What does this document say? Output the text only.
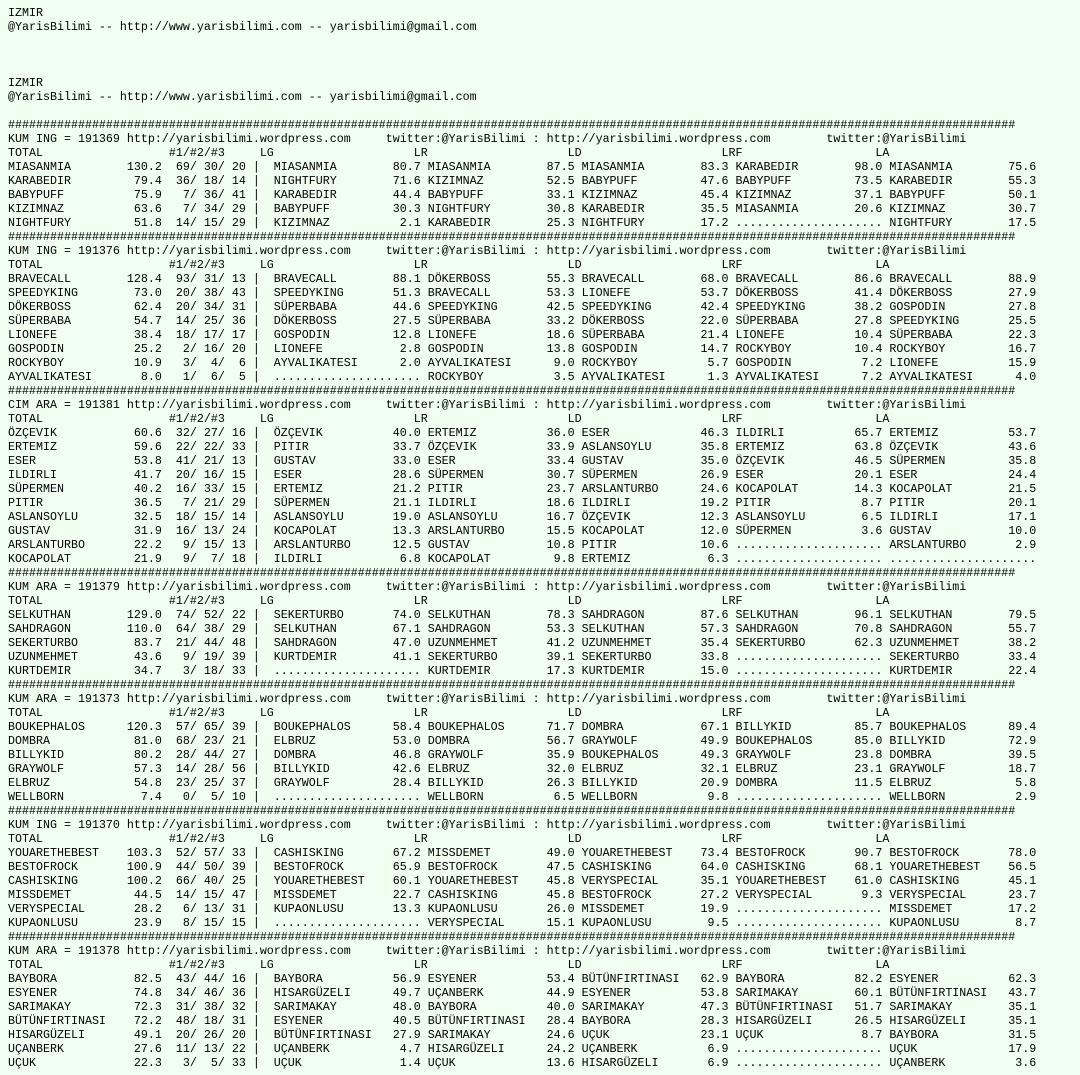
IZMIR
@YarisBilimi -- http://www.yarisbilimi.com -- yarisbilimi@gmail.com

IZMIR
@YarisBilimi -- http://www.yarisbilimi.com -- yarisbilimi@gmail.com

################################################################################################################################################
KUM ING = 191369 http://yarisbilimi.wordpress.com     twitter:@YarisBilimi : http://yarisbilimi.wordpress.com        twitter:@YarisBilimi
TOTAL                  #1/#2/#3     LG                    LR                    LD                    LRF                   LA
MIASANMIA        130.2  69/ 30/ 20 |  MIASANMIA        80.7 MIASANMIA        87.5 MIASANMIA        83.3 KARABEDIR        98.0 MIASANMIA        75.6
KARABEDIR         79.4  36/ 18/ 14 |  NIGHTFURY        71.6 KIZIMNAZ         52.5 BABYPUFF         47.6 BABYPUFF         73.5 KARABEDIR        55.3
BABYPUFF          75.9   7/ 36/ 41 |  KARABEDIR        44.4 BABYPUFF         33.1 KIZIMNAZ         45.4 KIZIMNAZ         37.1 BABYPUFF         50.1
KIZIMNAZ          63.6   7/ 34/ 29 |  BABYPUFF         30.3 NIGHTFURY        30.8 KARABEDIR        35.5 MIASANMIA        20.6 KIZIMNAZ         30.7
NIGHTFURY         51.8  14/ 15/ 29 |  KIZIMNAZ          2.1 KARABEDIR        25.3 NIGHTFURY        17.2 ..................... NIGHTFURY        17.5
################################################################################################################################################
KUM ING = 191376 http://yarisbilimi.wordpress.com     twitter:@YarisBilimi : http://yarisbilimi.wordpress.com        twitter:@YarisBilimi
TOTAL                  #1/#2/#3     LG                    LR                    LD                    LRF                   LA
BRAVECALL        128.4  93/ 31/ 13 |  BRAVECALL        88.1 DÖKERBOSS        55.3 BRAVECALL        68.0 BRAVECALL        86.6 BRAVECALL        88.9
SPEEDYKING        73.0  20/ 38/ 43 |  SPEEDYKING       51.3 BRAVECALL        53.3 LIONEFE          53.7 DÖKERBOSS        41.4 DÖKERBOSS        27.9
DÖKERBOSS         62.4  20/ 34/ 31 |  SÜPERBABA        44.6 SPEEDYKING       42.5 SPEEDYKING       42.4 SPEEDYKING       38.2 GOSPODIN         27.8
SÜPERBABA         54.7  14/ 25/ 36 |  DÖKERBOSS        27.5 SÜPERBABA        33.2 DÖKERBOSS        22.0 SÜPERBABA        27.8 SPEEDYKING       25.5
LIONEFE           38.4  18/ 17/ 17 |  GOSPODIN         12.8 LIONEFE          18.6 SÜPERBABA        21.4 LIONEFE          10.4 SÜPERBABA        22.3
GOSPODIN          25.2   2/ 16/ 20 |  LIONEFE           2.8 GOSPODIN         13.8 GOSPODIN         14.7 ROCKYBOY         10.4 ROCKYBOY         16.7
ROCKYBOY          10.9   3/  4/  6 |  AYVALIKATESI      2.0 AYVALIKATESI      9.0 ROCKYBOY          5.7 GOSPODIN          7.2 LIONEFE          15.9
AYVALIKATESI       8.0   1/  6/  5 |  ..................... ROCKYBOY          3.5 AYVALIKATESI      1.3 AYVALIKATESI      7.2 AYVALIKATESI      4.0
################################################################################################################################################
CIM ARA = 191381 http://yarisbilimi.wordpress.com     twitter:@YarisBilimi : http://yarisbilimi.wordpress.com        twitter:@YarisBilimi
TOTAL                  #1/#2/#3     LG                    LR                    LD                    LRF                   LA
ÖZÇEVIK           60.6  32/ 27/ 16 |  ÖZÇEVIK          40.0 ERTEMIZ          36.0 ESER             46.3 ILDIRLI          65.7 ERTEMIZ          53.7
ERTEMIZ           59.6  22/ 22/ 33 |  PITIR            33.7 ÖZÇEVIK          33.9 ASLANSOYLU       35.8 ERTEMIZ          63.8 ÖZÇEVIK          43.6
ESER              53.8  41/ 21/ 13 |  GUSTAV           33.0 ESER             33.4 GUSTAV           35.0 ÖZÇEVIK          46.5 SÜPERMEN         35.8
ILDIRLI           41.7  20/ 16/ 15 |  ESER             28.6 SÜPERMEN         30.7 SÜPERMEN         26.9 ESER             20.1 ESER             24.4
SÜPERMEN          40.2  16/ 33/ 15 |  ERTEMIZ          21.2 PITIR            23.7 ARSLANTURBO      24.6 KOCAPOLAT        14.3 KOCAPOLAT        21.5
PITIR             36.5   7/ 21/ 29 |  SÜPERMEN         21.1 ILDIRLI          18.6 ILDIRLI          19.2 PITIR             8.7 PITIR            20.1
ASLANSOYLU        32.5  18/ 15/ 14 |  ASLANSOYLU       19.0 ASLANSOYLU       16.7 ÖZÇEVIK          12.3 ASLANSOYLU        6.5 ILDIRLI          17.1
GUSTAV            31.9  16/ 13/ 24 |  KOCAPOLAT        13.3 ARSLANTURBO      15.5 KOCAPOLAT        12.0 SÜPERMEN          3.6 GUSTAV           10.0
ARSLANTURBO       22.2   9/ 15/ 13 |  ARSLANTURBO      12.5 GUSTAV           10.8 PITIR            10.6 ..................... ARSLANTURBO       2.9
KOCAPOLAT         21.9   9/  7/ 18 |  ILDIRLI           6.8 KOCAPOLAT         9.8 ERTEMIZ           6.3 ..................... .....................
################################################################################################################################################
KUM ARA = 191379 http://yarisbilimi.wordpress.com     twitter:@YarisBilimi : http://yarisbilimi.wordpress.com        twitter:@YarisBilimi
TOTAL                  #1/#2/#3     LG                    LR                    LD                    LRF                   LA
SELKUTHAN        129.0  74/ 52/ 22 |  SEKERTURBO       74.0 SELKUTHAN        78.3 SAHDRAGON        87.6 SELKUTHAN        96.1 SELKUTHAN        79.5
SAHDRAGON        110.0  64/ 38/ 29 |  SELKUTHAN        67.1 SAHDRAGON        53.3 SELKUTHAN        57.3 SAHDRAGON        70.8 SAHDRAGON        55.7
SEKERTURBO        83.7  21/ 44/ 48 |  SAHDRAGON        47.0 UZUNMEHMET       41.2 UZUNMEHMET       35.4 SEKERTURBO       62.3 UZUNMEHMET       38.2
UZUNMEHMET        43.6   9/ 19/ 39 |  KURTDEMIR        41.1 SEKERTURBO       39.1 SEKERTURBO       33.8 ..................... SEKERTURBO       33.4
KURTDEMIR         34.7   3/ 18/ 33 |  ..................... KURTDEMIR        17.3 KURTDEMIR        15.0 ..................... KURTDEMIR        22.4
################################################################################################################################################
KUM ARA = 191373 http://yarisbilimi.wordpress.com     twitter:@YarisBilimi : http://yarisbilimi.wordpress.com        twitter:@YarisBilimi
TOTAL                  #1/#2/#3     LG                    LR                    LD                    LRF                   LA
BOUKEPHALOS      120.3  57/ 65/ 39 |  BOUKEPHALOS      58.4 BOUKEPHALOS      71.7 DOMBRA           67.1 BILLYKID         85.7 BOUKEPHALOS      89.4
DOMBRA            81.0  68/ 23/ 21 |  ELBRUZ           53.0 DOMBRA           56.7 GRAYWOLF         49.9 BOUKEPHALOS      85.0 BILLYKID         72.9
BILLYKID          80.2  28/ 44/ 27 |  DOMBRA           46.8 GRAYWOLF         35.9 BOUKEPHALOS      49.3 GRAYWOLF         23.8 DOMBRA           39.5
GRAYWOLF          57.3  14/ 28/ 56 |  BILLYKID         42.6 ELBRUZ           32.0 ELBRUZ           32.1 ELBRUZ           23.1 GRAYWOLF         18.7
ELBRUZ            54.8  23/ 25/ 37 |  GRAYWOLF         28.4 BILLYKID         26.3 BILLYKID         20.9 DOMBRA           11.5 ELBRUZ            5.8
WELLBORN           7.4   0/  5/ 10 |  ..................... WELLBORN          6.5 WELLBORN          9.8 ..................... WELLBORN          2.9
################################################################################################################################################
KUM ING = 191370 http://yarisbilimi.wordpress.com     twitter:@YarisBilimi : http://yarisbilimi.wordpress.com        twitter:@YarisBilimi
TOTAL                  #1/#2/#3     LG                    LR                    LD                    LRF                   LA
YOUARETHEBEST    103.3  52/ 57/ 33 |  CASHISKING       67.2 MISSDEMET        49.0 YOUARETHEBEST    73.4 BESTOFROCK       90.7 BESTOFROCK       78.0
BESTOFROCK       100.9  44/ 50/ 39 |  BESTOFROCK       65.9 BESTOFROCK       47.5 CASHISKING       64.0 CASHISKING       68.1 YOUARETHEBEST    56.5
CASHISKING       100.2  66/ 40/ 25 |  YOUARETHEBEST    60.1 YOUARETHEBEST    45.8 VERYSPECIAL      35.1 YOUARETHEBEST    61.0 CASHISKING       45.1
MISSDEMET         44.5  14/ 15/ 47 |  MISSDEMET        22.7 CASHISKING       45.8 BESTOFROCK       27.2 VERYSPECIAL       9.3 VERYSPECIAL      23.7
VERYSPECIAL       28.2   6/ 13/ 31 |  KUPAONLUSU       13.3 KUPAONLUSU       26.0 MISSDEMET        19.9 ..................... MISSDEMET        17.2
KUPAONLUSU        23.9   8/ 15/ 15 |  ..................... VERYSPECIAL      15.1 KUPAONLUSU        9.5 ..................... KUPAONLUSU        8.7
################################################################################################################################################
KUM ARA = 191378 http://yarisbilimi.wordpress.com     twitter:@YarisBilimi : http://yarisbilimi.wordpress.com        twitter:@YarisBilimi
TOTAL                  #1/#2/#3     LG                    LR                    LD                    LRF                   LA
BAYBORA           82.5  43/ 44/ 16 |  BAYBORA          56.9 ESYENER          53.4 BÜTÜNFIRTINASI   62.9 BAYBORA          82.2 ESYENER          62.3
ESYENER           74.8  34/ 46/ 36 |  HISARGÜZELI      49.7 UÇANBERK         44.9 ESYENER          53.8 SARIMAKAY        60.1 BÜTÜNFIRTINASI   43.7
SARIMAKAY         72.3  31/ 38/ 32 |  SARIMAKAY        48.0 BAYBORA          40.0 SARIMAKAY        47.3 BÜTÜNFIRTINASI   51.7 SARIMAKAY        35.1
BÜTÜNFIRTINASI    72.2  48/ 18/ 31 |  ESYENER          40.5 BÜTÜNFIRTINASI   28.4 BAYBORA          28.3 HISARGÜZELI      26.5 HISARGÜZELI      35.1
HISARGÜZELI       49.1  20/ 26/ 20 |  BÜTÜNFIRTINASI   27.9 SARIMAKAY        24.6 UÇUK             23.1 UÇUK              8.7 BAYBORA          31.5
UÇANBERK          27.6  11/ 13/ 22 |  UÇANBERK          4.7 HISARGÜZELI      24.2 UÇANBERK          6.9 ..................... UÇUK             17.9
UÇUK              22.3   3/  5/ 33 |  UÇUK              1.4 UÇUK             13.6 HISARGÜZELI       6.9 ..................... UÇANBERK          3.6
